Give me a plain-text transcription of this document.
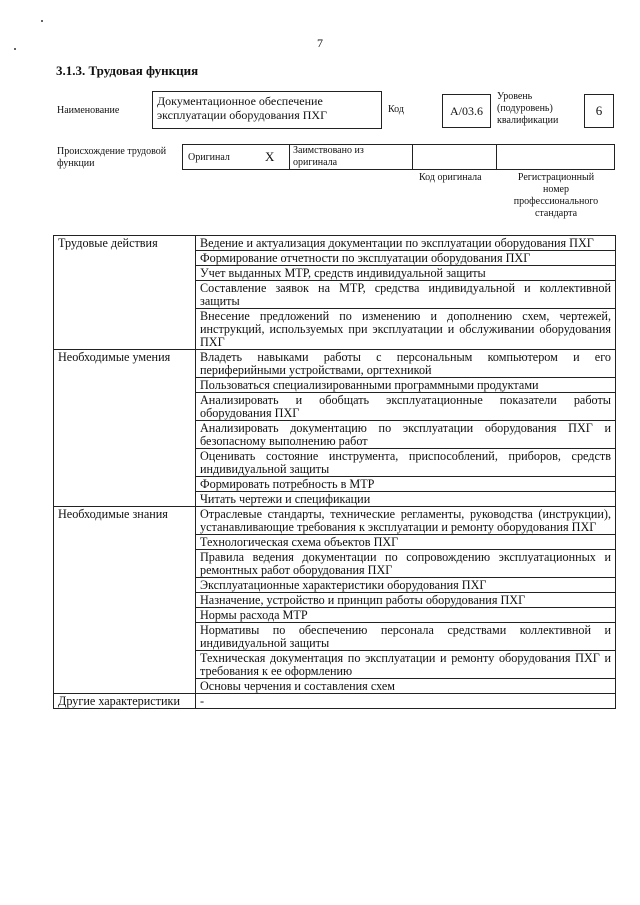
7
3.1.3. Трудовая функция
Наименование
Документационное обеспечение эксплуатации оборудования ПХГ	Код	А/03.6
Уровень (подуровень) квалификации
6
Происхождение трудовой функции
Оригинал	X Заимствовано из оригинала
Код оригинала	Регистрационный номер профессионального стандарта
Трудовые действия	Ведение и актуализация документации по эксплуатации оборудования ПХГ
	Формирование отчетности по эксплуатации оборудования ПХГ
	Учет выданных МТР, средств индивидуальной защиты
	Составление заявок на МТР, средства индивидуальной и коллективной защиты
	Внесение предложений по изменению и дополнению схем, чертежей, инструкций, используемых при эксплуатации и обслуживании оборудования ПХГ
Необходимые умения	Владеть навыками работы с персональным компьютером и его периферийными устройствами, оргтехникой
	Пользоваться специализированными программными продуктами
	Анализировать и обобщать эксплуатационные показатели работы оборудования ПХГ
	Анализировать документацию по эксплуатации оборудования ПХГ и безопасному выполнению работ
	Оценивать состояние инструмента, приспособлений, приборов, средств индивидуальной защиты
	Формировать потребность в МТР
	Читать чертежи и спецификации
Необходимые знания	Отраслевые стандарты, технические регламенты, руководства (инструкции), устанавливающие требования к эксплуатации и ремонту оборудования ПХГ
	Технологическая схема объектов ПХГ
	Правила ведения документации по сопровождению эксплуатационных и ремонтных работ оборудования ПХГ
	Эксплуатационные характеристики оборудования ПХГ
	Назначение, устройство и принцип работы оборудования ПХГ
	Нормы расхода МТР
	Нормативы по обеспечению персонала средствами коллективной и индивидуальной защиты
	Техническая документация по эксплуатации и ремонту оборудования ПХГ и требования к ее оформлению
	Основы черчения и составления схем
Другие характеристики	-
